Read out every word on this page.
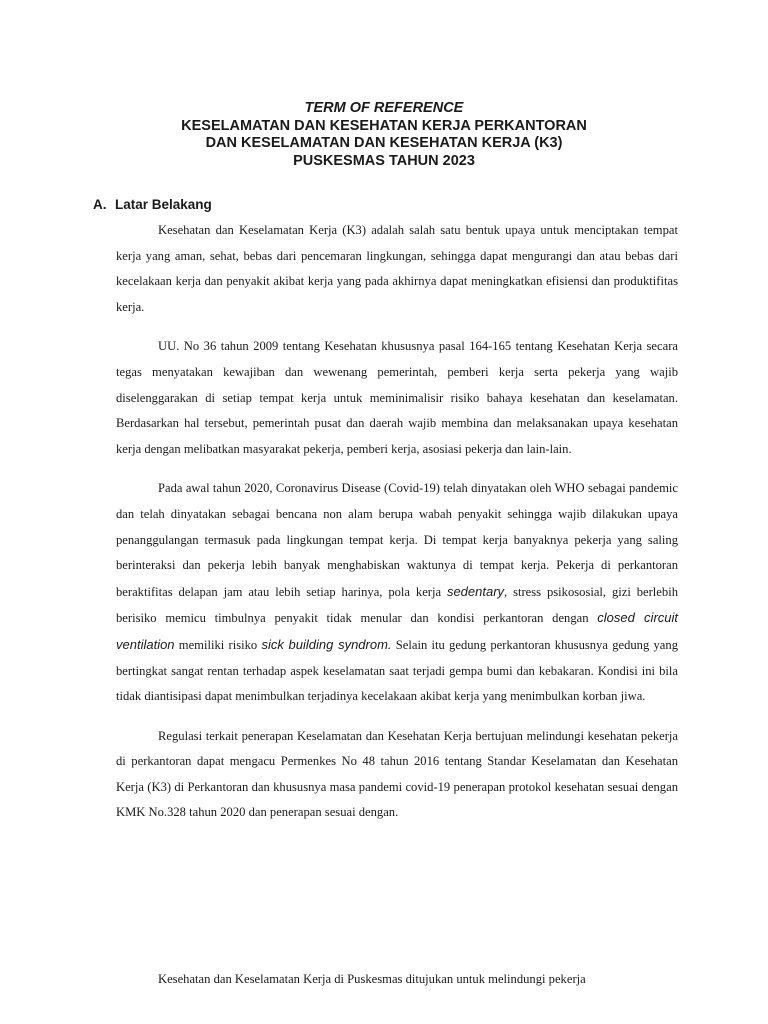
TERM OF REFERENCE
KESELAMATAN DAN KESEHATAN KERJA PERKANTORAN
DAN KESELAMATAN DAN KESEHATAN KERJA (K3)
PUSKESMAS TAHUN 2023
A. Latar Belakang

Kesehatan dan Keselamatan Kerja (K3) adalah salah satu bentuk upaya untuk menciptakan tempat kerja yang aman, sehat, bebas dari pencemaran lingkungan, sehingga dapat mengurangi dan atau bebas dari kecelakaan kerja dan penyakit akibat kerja yang pada akhirnya dapat meningkatkan efisiensi dan produktifitas kerja.

UU. No 36 tahun 2009 tentang Kesehatan khususnya pasal 164-165 tentang Kesehatan Kerja secara tegas menyatakan kewajiban dan wewenang pemerintah, pemberi kerja serta pekerja yang wajib diselenggarakan di setiap tempat kerja untuk meminimalisir risiko bahaya kesehatan dan keselamatan. Berdasarkan hal tersebut, pemerintah pusat dan daerah wajib membina dan melaksanakan upaya kesehatan kerja dengan melibatkan masyarakat pekerja, pemberi kerja, asosiasi pekerja dan lain-lain.

Pada awal tahun 2020, Coronavirus Disease (Covid-19) telah dinyatakan oleh WHO sebagai pandemic dan telah dinyatakan sebagai bencana non alam berupa wabah penyakit sehingga wajib dilakukan upaya penanggulangan termasuk pada lingkungan tempat kerja. Di tempat kerja banyaknya pekerja yang saling berinteraksi dan pekerja lebih banyak menghabiskan waktunya di tempat kerja. Pekerja di perkantoran beraktifitas delapan jam atau lebih setiap harinya, pola kerja sedentary, stress psikososial, gizi berlebih berisiko memicu timbulnya penyakit tidak menular dan kondisi perkantoran dengan closed circuit ventilation memiliki risiko sick building syndrom. Selain itu gedung perkantoran khususnya gedung yang bertingkat sangat rentan terhadap aspek keselamatan saat terjadi gempa bumi dan kebakaran. Kondisi ini bila tidak diantisipasi dapat menimbulkan terjadinya kecelakaan akibat kerja yang menimbulkan korban jiwa.

Regulasi terkait penerapan Keselamatan dan Kesehatan Kerja bertujuan melindungi kesehatan pekerja di perkantoran dapat mengacu Permenkes No 48 tahun 2016 tentang Standar Keselamatan dan Kesehatan Kerja (K3) di Perkantoran dan khususnya masa pandemi covid-19 penerapan protokol kesehatan sesuai dengan KMK No.328 tahun 2020 dan penerapan sesuai dengan.

Kesehatan dan Keselamatan Kerja di Puskesmas ditujukan untuk melindungi pekerja
